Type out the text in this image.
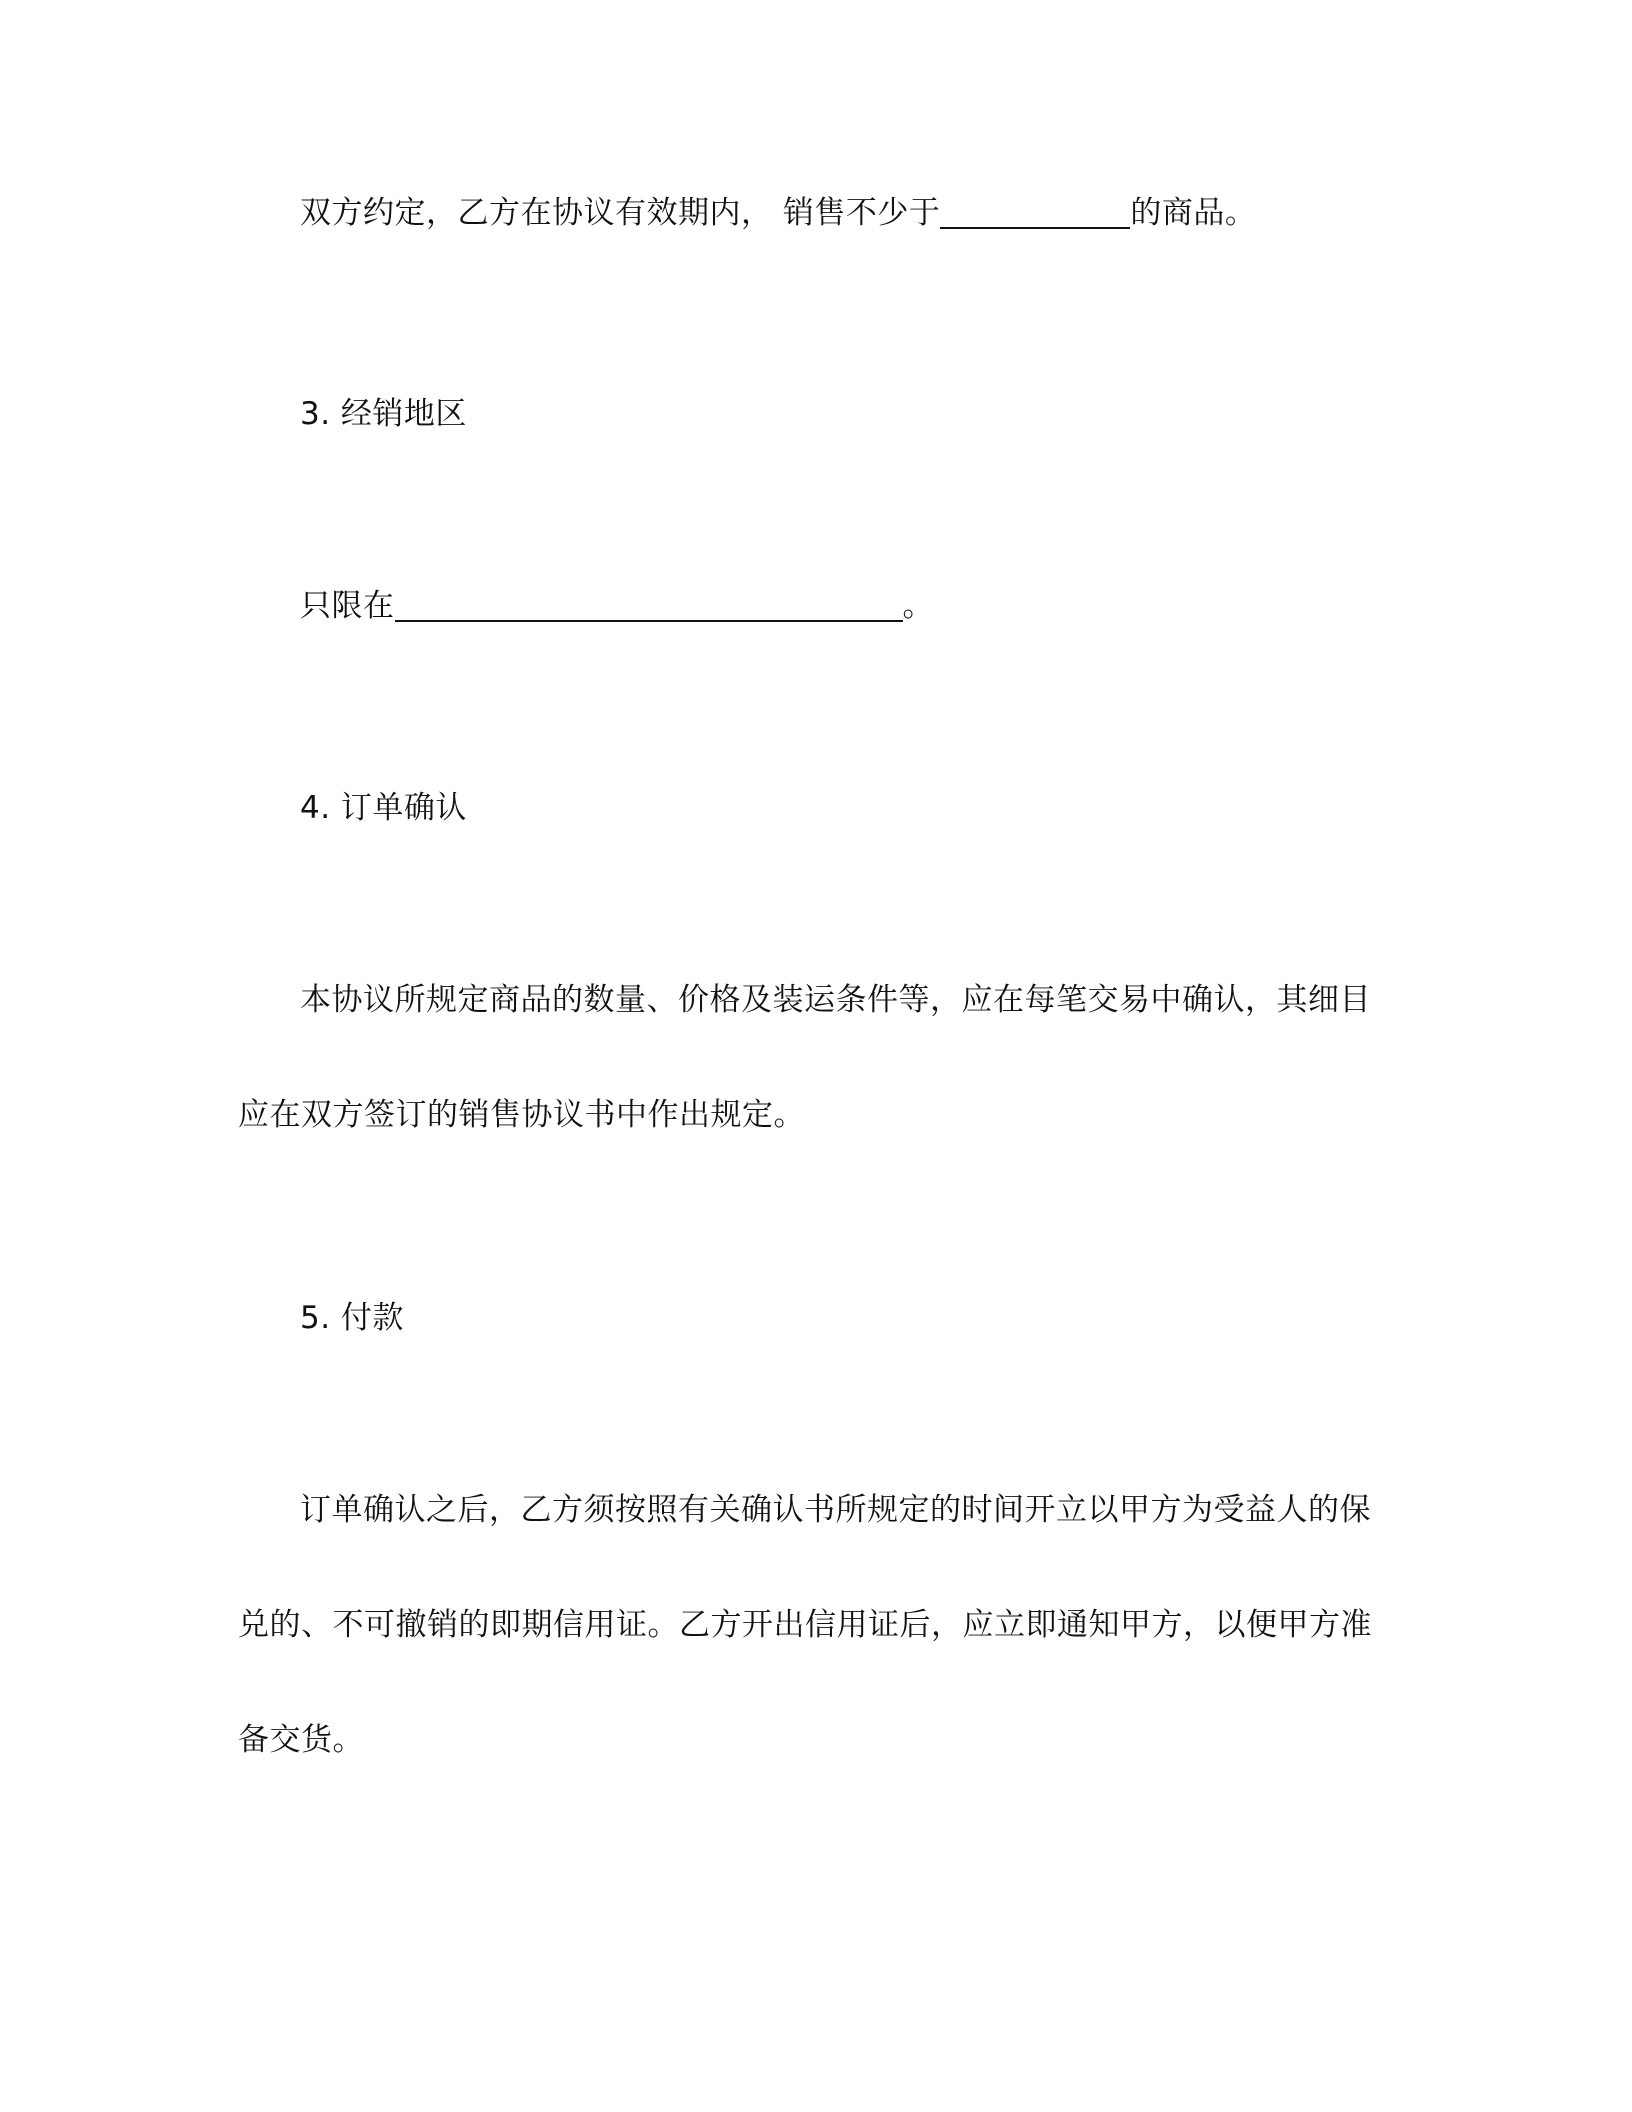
双方约定，乙方在协议有效期内， 销售不少于	的商品。
3. 经销地区
只限在	。
4. 订单确认
本协议所规定商品的数量、价格及装运条件等，应在每笔交易中确认，其细目
应在双方签订的销售协议书中作出规定。
5. 付款
订单确认之后，乙方须按照有关确认书所规定的时间开立以甲方为受益人的保
兑的、不可撤销的即期信用证。乙方开出信用证后，应立即通知甲方，以便甲方准
备交货。
